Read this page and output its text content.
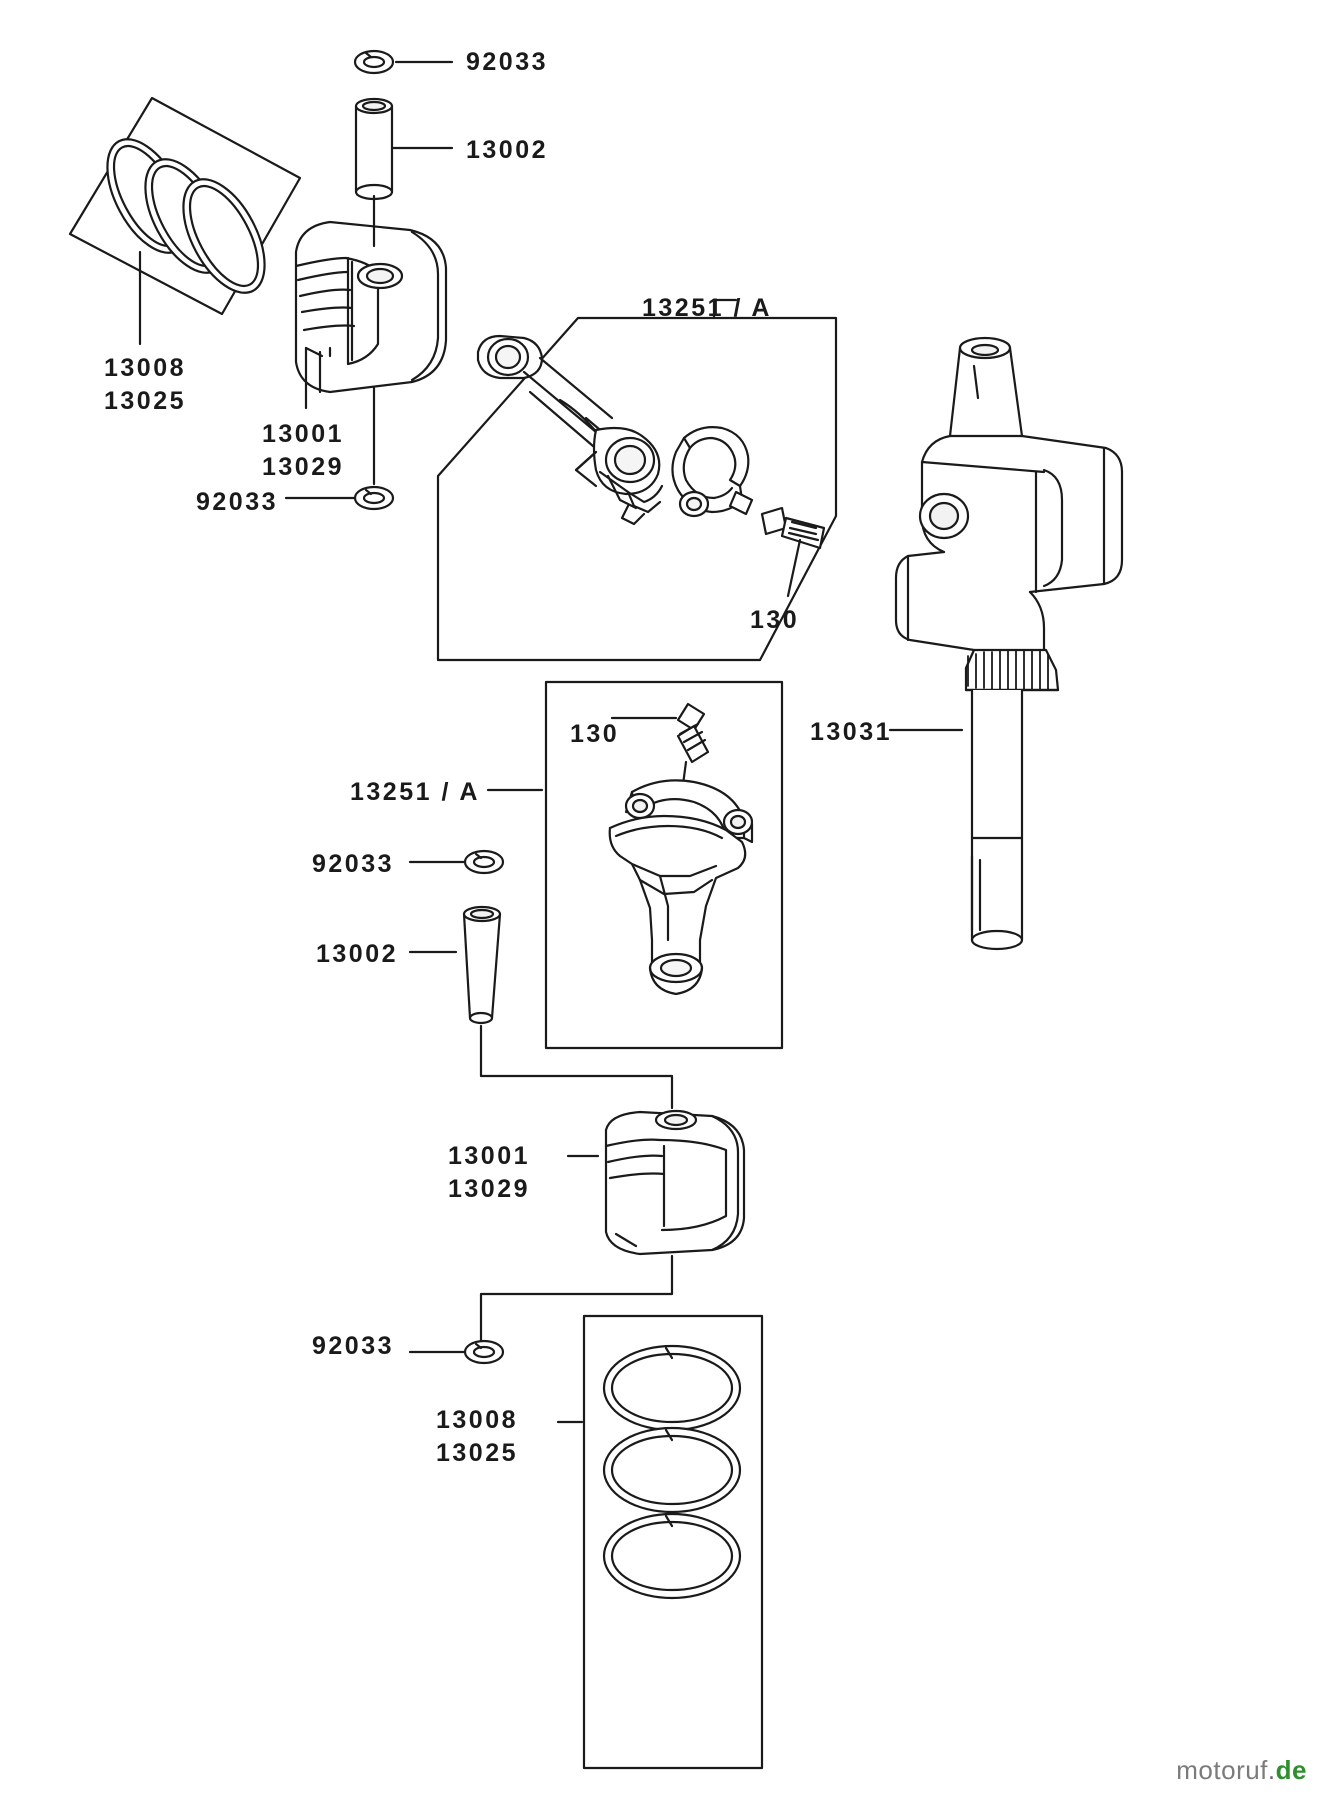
92033
13002
13008
13025
13001
13029
92033
13251 / A
130
13031
130
13251 / A
92033
13002
13001
13029
92033
13008
13025
motoruf.de
